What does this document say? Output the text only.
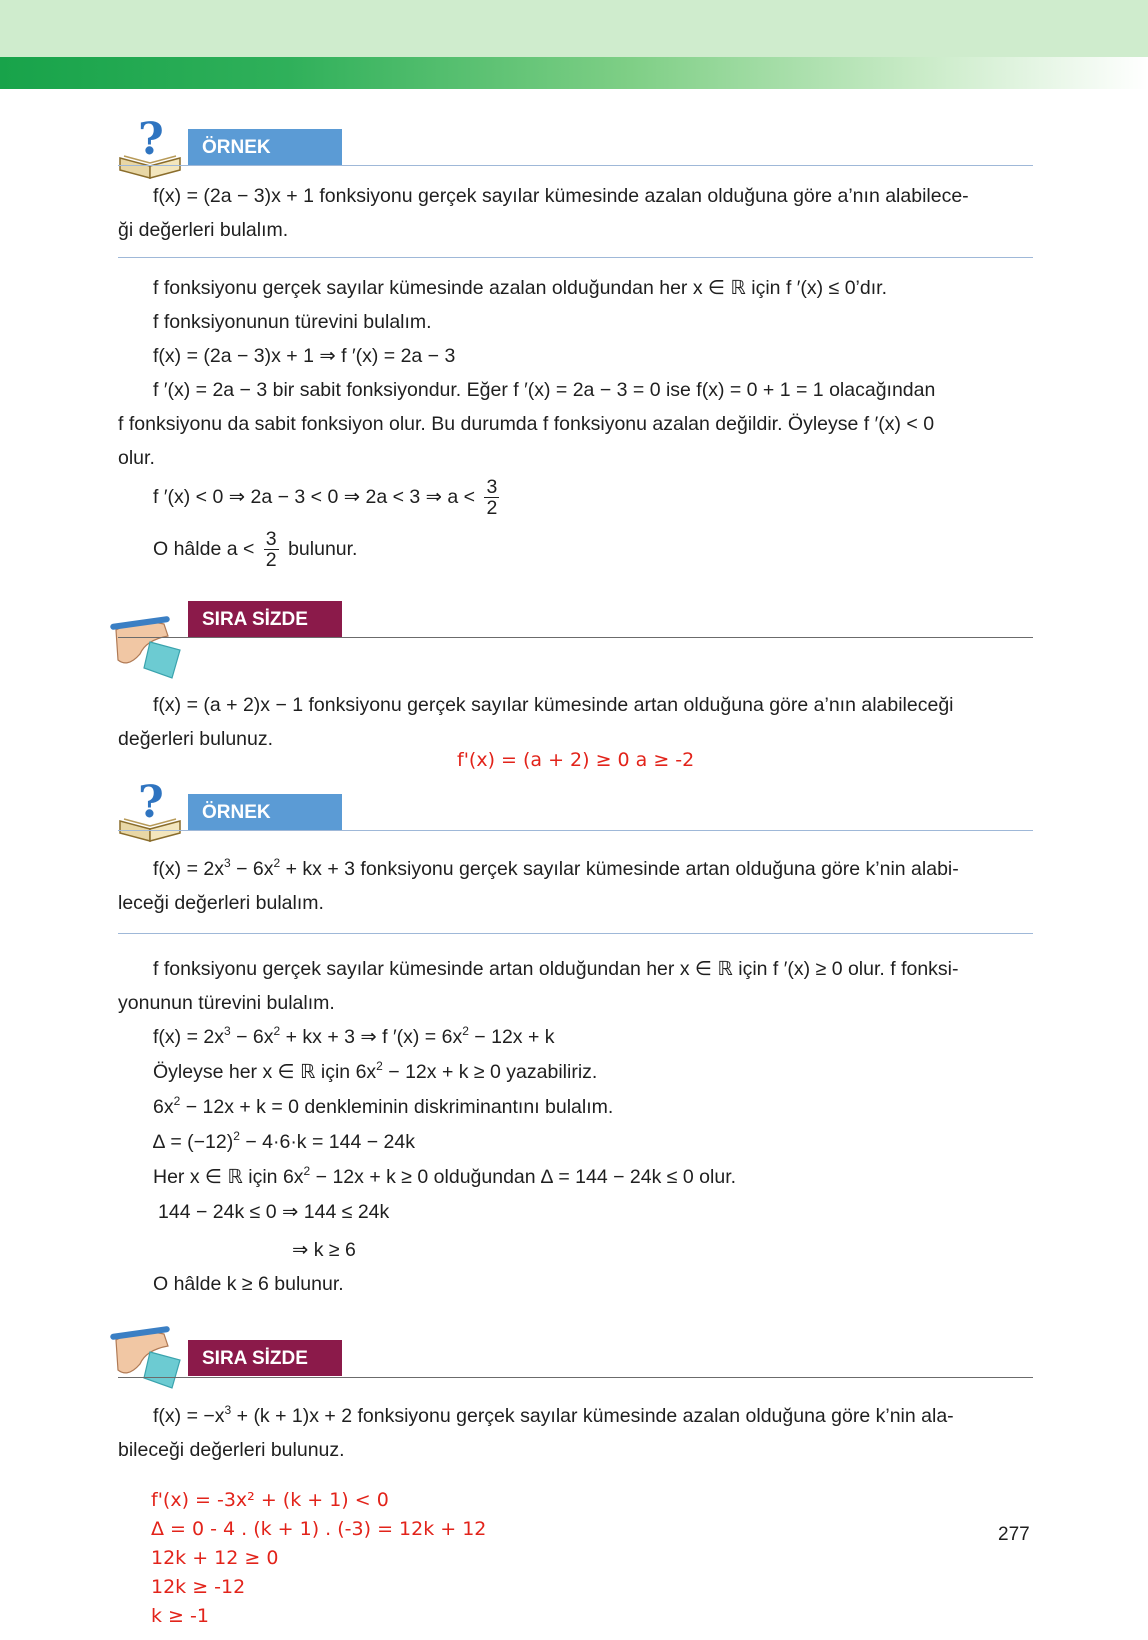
?	ÖRNEK
f(x) = (2a − 3)x + 1 fonksiyonu gerçek sayılar kümesinde azalan olduğuna göre a’nın alabilece-
ği değerleri bulalım.
f fonksiyonu gerçek sayılar kümesinde azalan olduğundan her x ∈ ℝ için f ′(x) ≤ 0’dır.
f fonksiyonunun türevini bulalım.
f(x) = (2a − 3)x + 1 ⇒ f ′(x) = 2a − 3
f ′(x) = 2a − 3 bir sabit fonksiyondur. Eğer f ′(x) = 2a − 3 = 0 ise f(x) = 0 + 1 = 1 olacağından
f fonksiyonu da sabit fonksiyon olur. Bu durumda f fonksiyonu azalan değildir. Öyleyse f ′(x) < 0
olur.
f ′(x) < 0 ⇒ 2a − 3 < 0 ⇒ 2a < 3 ⇒ $a < \frac{3}{2}$
O hâlde $a < \frac{3}{2}$ bulunur.
SIRA SİZDE
f(x) = (a + 2)x − 1 fonksiyonu gerçek sayılar kümesinde artan olduğuna göre a’nın alabileceği
değerleri bulunuz.
f'(x) = (a + 2) ≥ 0 a ≥ -2
?	ÖRNEK
$f(x) = 2x^3 - 6x^2$ + kx + 3 fonksiyonu gerçek sayılar kümesinde artan olduğuna göre k’nin alabi-
leceği değerleri bulalım.
f fonksiyonu gerçek sayılar kümesinde artan olduğundan her x ∈ ℝ için f ′(x) ≥ 0 olur. f fonksi-
yonunun türevini bulalım.
$f(x) = 2x^3 - 6x^2$ + kx + 3 ⇒ f $'(x) = 6x^2 - 12x + k$
Öyleyse her x ∈ ℝ için $6x^2 - 12x + k \ge 0$ yazabiliriz.
$6x^2 - 12x + k = 0$ denkleminin diskriminantını bulalım.
∆ = $(-12)^2 - 4\cdot 6\cdot k = 144 - 24k$
Her x ∈ ℝ için $6x^2 - 12x + k \ge 0$ olduğundan ∆ = 144 − 24k ≤ 0 olur.
144 − 24k ≤ 0 ⇒ 144 ≤ 24k
⇒ k ≥ 6
O hâlde k ≥ 6 bulunur.
SIRA SİZDE
$f(x) = -x^3 + (k + 1)x + 2$ fonksiyonu gerçek sayılar kümesinde azalan olduğuna göre k’nin ala-
bileceği değerleri bulunuz.
f'(x) = -3x² + (k + 1) < 0
Δ = 0 - 4 . (k + 1) . (-3) = 12k + 12
12k + 12 ≥ 0
12k ≥ -12
k ≥ -1
277
